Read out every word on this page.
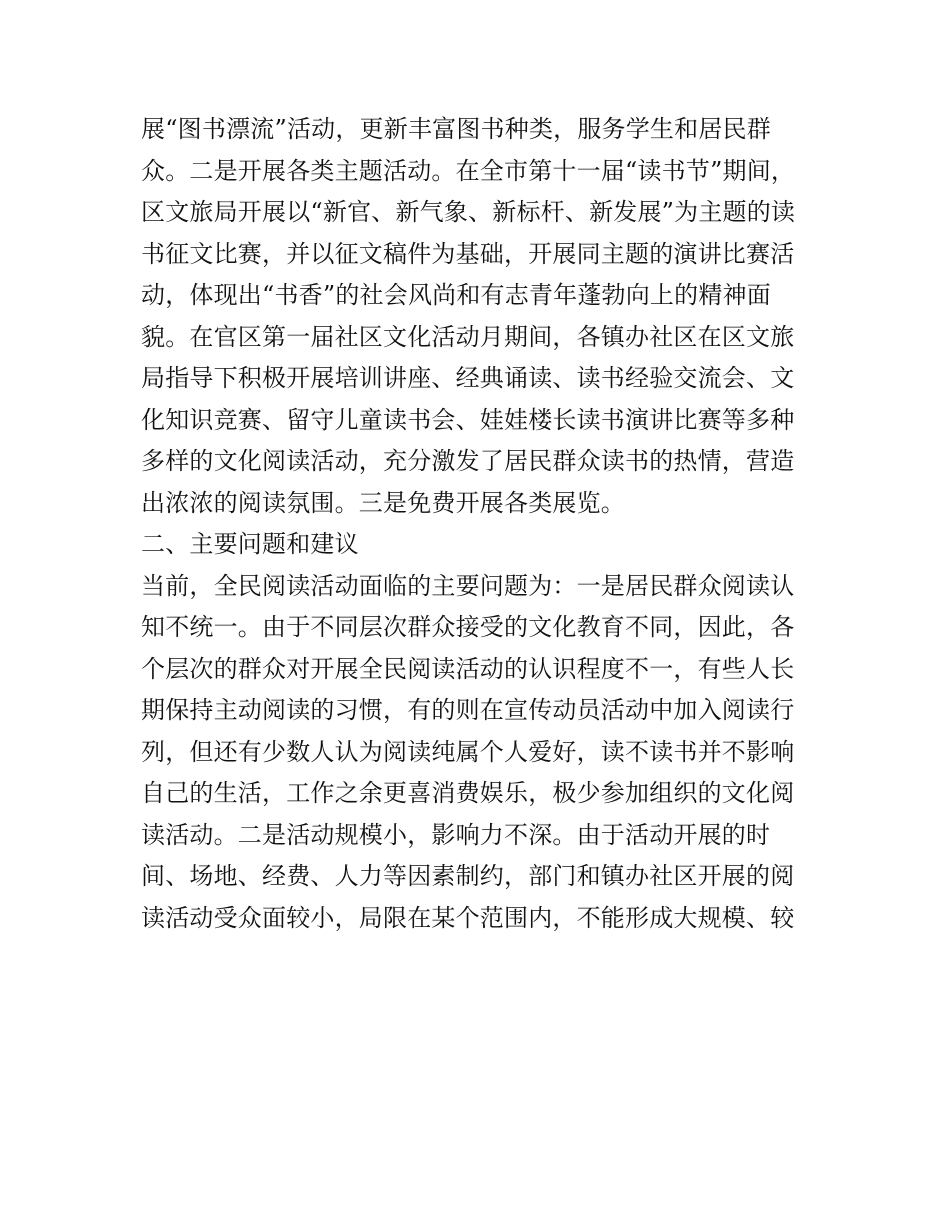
展“图书漂流”活动，更新丰富图书种类，服务学生和居民群
众。二是开展各类主题活动。在全市第十一届“读书节”期间，
区文旅局开展以“新官、新气象、新标杆、新发展”为主题的读
书征文比赛，并以征文稿件为基础，开展同主题的演讲比赛活
动，体现出“书香”的社会风尚和有志青年蓬勃向上的精神面
貌。在官区第一届社区文化活动月期间，各镇办社区在区文旅
局指导下积极开展培训讲座、经典诵读、读书经验交流会、文
化知识竞赛、留守儿童读书会、娃娃楼长读书演讲比赛等多种
多样的文化阅读活动，充分激发了居民群众读书的热情，营造
出浓浓的阅读氛围。三是免费开展各类展览。
二、主要问题和建议
当前，全民阅读活动面临的主要问题为：一是居民群众阅读认
知不统一。由于不同层次群众接受的文化教育不同，因此，各
个层次的群众对开展全民阅读活动的认识程度不一，有些人长
期保持主动阅读的习惯，有的则在宣传动员活动中加入阅读行
列，但还有少数人认为阅读纯属个人爱好，读不读书并不影响
自己的生活，工作之余更喜消费娱乐，极少参加组织的文化阅
读活动。二是活动规模小，影响力不深。由于活动开展的时
间、场地、经费、人力等因素制约，部门和镇办社区开展的阅
读活动受众面较小，局限在某个范围内，不能形成大规模、较
